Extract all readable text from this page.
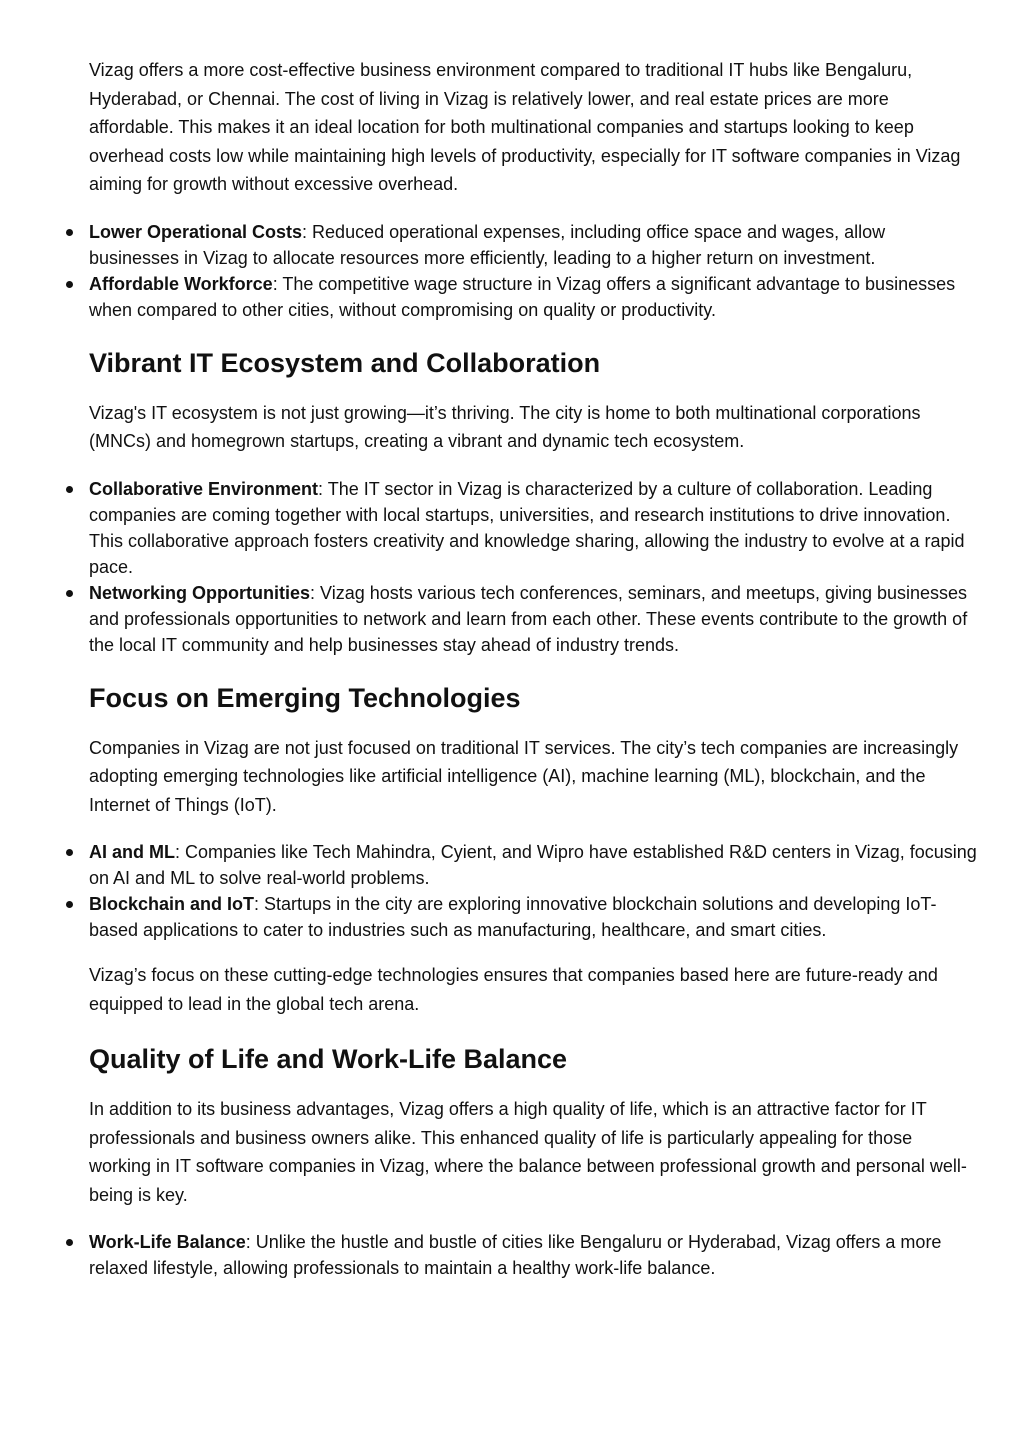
Vizag offers a more cost-effective business environment compared to traditional IT hubs like Bengaluru, Hyderabad, or Chennai. The cost of living in Vizag is relatively lower, and real estate prices are more affordable. This makes it an ideal location for both multinational companies and startups looking to keep overhead costs low while maintaining high levels of productivity, especially for IT software companies in Vizag aiming for growth without excessive overhead.

Lower Operational Costs: Reduced operational expenses, including office space and wages, allow businesses in Vizag to allocate resources more efficiently, leading to a higher return on investment.
Affordable Workforce: The competitive wage structure in Vizag offers a significant advantage to businesses when compared to other cities, without compromising on quality or productivity.
Vibrant IT Ecosystem and Collaboration

Vizag's IT ecosystem is not just growing—it’s thriving. The city is home to both multinational corporations (MNCs) and homegrown startups, creating a vibrant and dynamic tech ecosystem.

Collaborative Environment: The IT sector in Vizag is characterized by a culture of collaboration. Leading companies are coming together with local startups, universities, and research institutions to drive innovation. This collaborative approach fosters creativity and knowledge sharing, allowing the industry to evolve at a rapid pace.
Networking Opportunities: Vizag hosts various tech conferences, seminars, and meetups, giving businesses and professionals opportunities to network and learn from each other. These events contribute to the growth of the local IT community and help businesses stay ahead of industry trends.
Focus on Emerging Technologies

Companies in Vizag are not just focused on traditional IT services. The city’s tech companies are increasingly adopting emerging technologies like artificial intelligence (AI), machine learning (ML), blockchain, and the Internet of Things (IoT).

AI and ML: Companies like Tech Mahindra, Cyient, and Wipro have established R&D centers in Vizag, focusing on AI and ML to solve real-world problems.
Blockchain and IoT: Startups in the city are exploring innovative blockchain solutions and developing IoT-based applications to cater to industries such as manufacturing, healthcare, and smart cities.

Vizag’s focus on these cutting-edge technologies ensures that companies based here are future-ready and equipped to lead in the global tech arena.

Quality of Life and Work-Life Balance

In addition to its business advantages, Vizag offers a high quality of life, which is an attractive factor for IT professionals and business owners alike. This enhanced quality of life is particularly appealing for those working in IT software companies in Vizag, where the balance between professional growth and personal well-being is key.

Work-Life Balance: Unlike the hustle and bustle of cities like Bengaluru or Hyderabad, Vizag offers a more relaxed lifestyle, allowing professionals to maintain a healthy work-life balance.
